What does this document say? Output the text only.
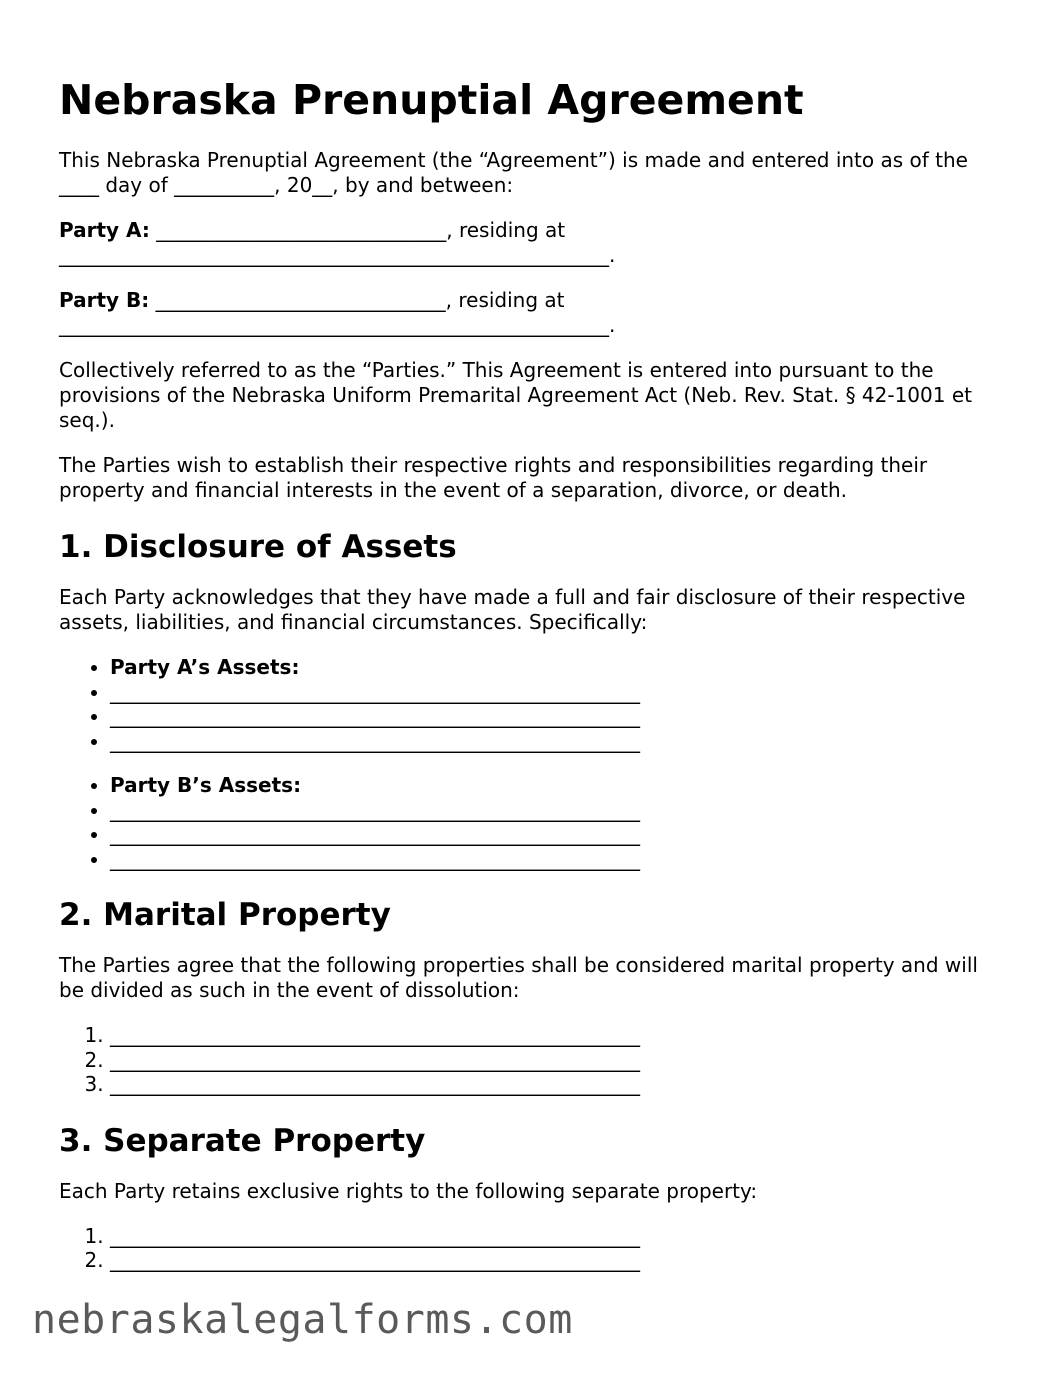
Nebraska Prenuptial Agreement

This Nebraska Prenuptial Agreement (the “Agreement”) is made and entered into as of the ____ day of __________, 20__, by and between:

Party A: _____________________________, residing at _______________________________________________________.
Party B: _____________________________, residing at _______________________________________________________.

Collectively referred to as the “Parties.” This Agreement is entered into pursuant to the provisions of the Nebraska Uniform Premarital Agreement Act (Neb. Rev. Stat. § 42-1001 et seq.).

The Parties wish to establish their respective rights and responsibilities regarding their property and financial interests in the event of a separation, divorce, or death.

1. Disclosure of Assets

Each Party acknowledges that they have made a full and fair disclosure of their respective assets, liabilities, and financial circumstances. Specifically:

• Party A’s Assets:
• _____________________________________________________
• _____________________________________________________
• _____________________________________________________
• Party B’s Assets:
• _____________________________________________________
• _____________________________________________________
• _____________________________________________________
2. Marital Property

The Parties agree that the following properties shall be considered marital property and will be divided as such in the event of dissolution:

1. _____________________________________________________
2. _____________________________________________________
3. _____________________________________________________
3. Separate Property

Each Party retains exclusive rights to the following separate property:

1. _____________________________________________________
2. _____________________________________________________
nebraskalegalforms.com
